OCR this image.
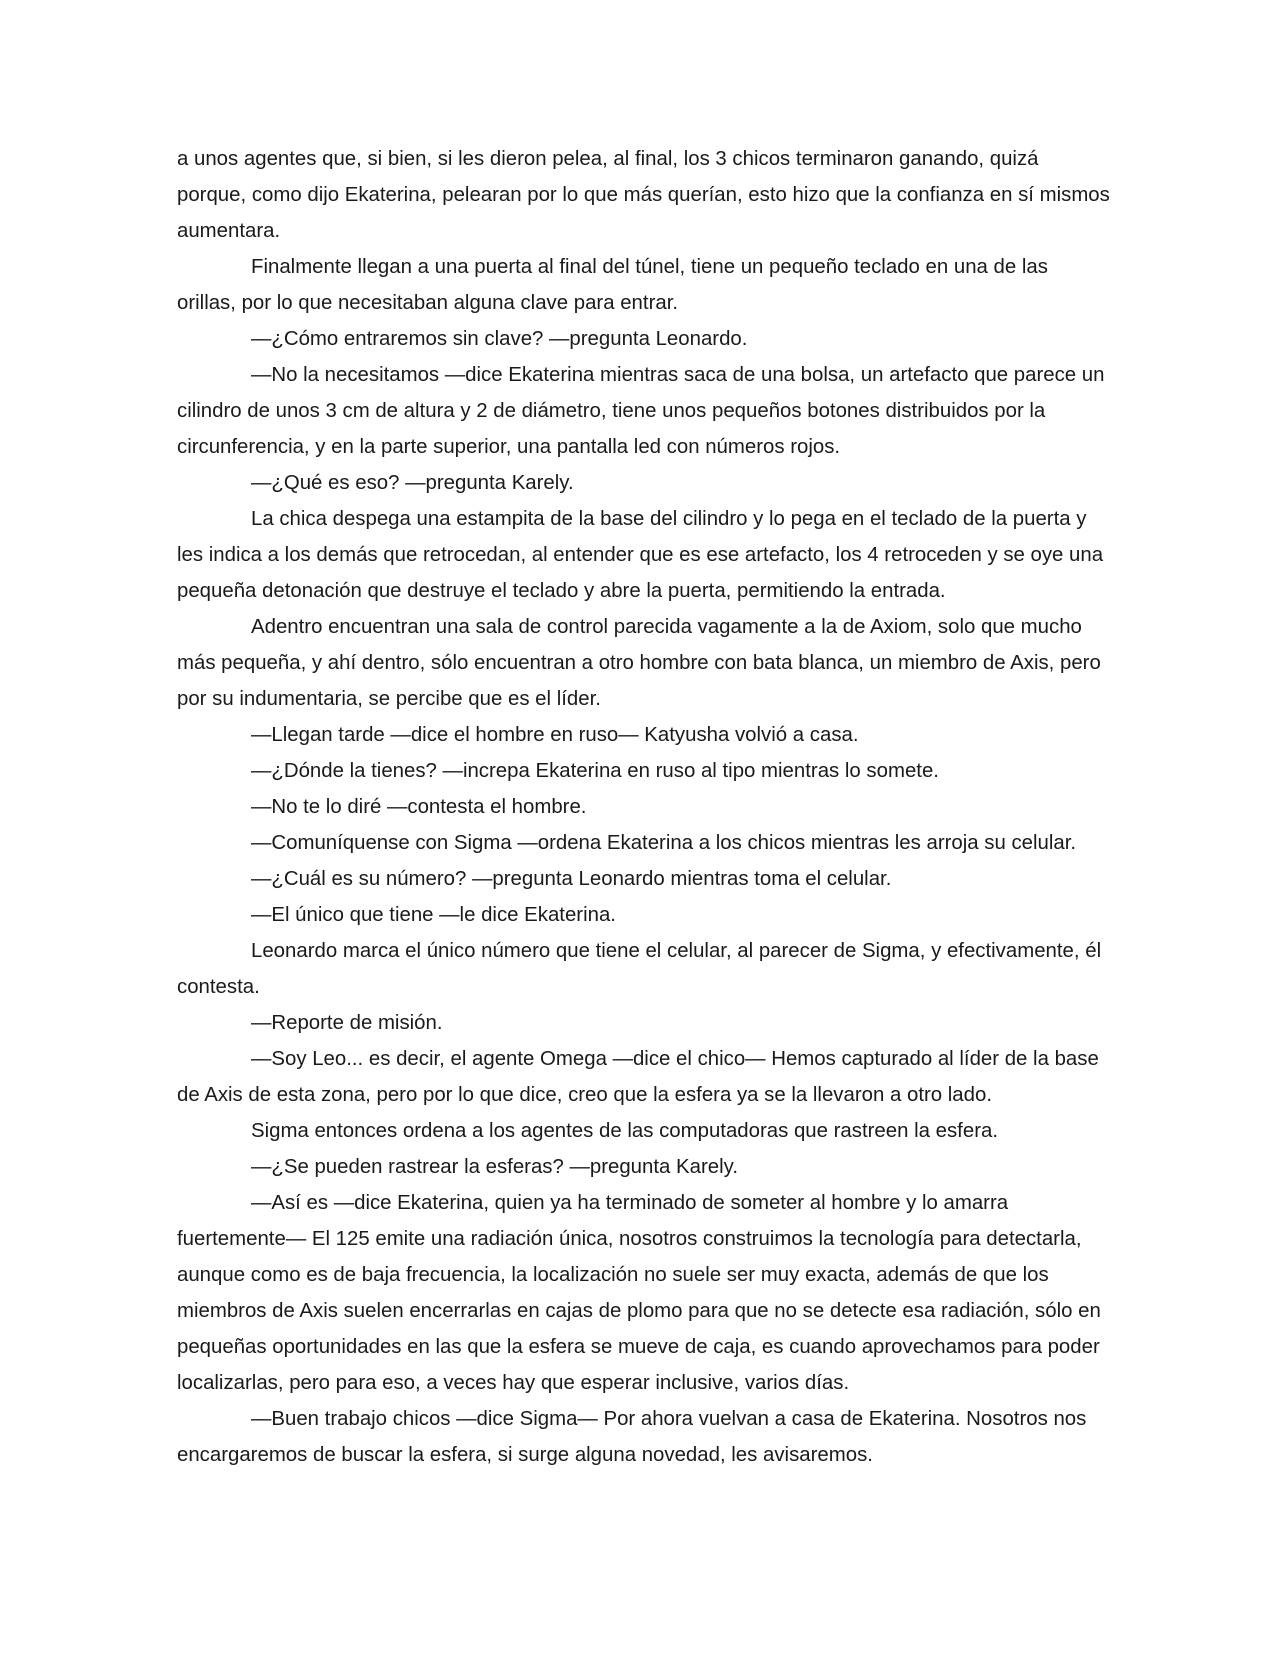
a unos agentes que, si bien, si les dieron pelea, al final, los 3 chicos terminaron ganando, quizá porque, como dijo Ekaterina, pelearan por lo que más querían, esto hizo que la confianza en sí mismos aumentara.

Finalmente llegan a una puerta al final del túnel, tiene un pequeño teclado en una de las orillas, por lo que necesitaban alguna clave para entrar.

—¿Cómo entraremos sin clave? —pregunta Leonardo.

—No la necesitamos —dice Ekaterina mientras saca de una bolsa, un artefacto que parece un cilindro de unos 3 cm de altura y 2 de diámetro, tiene unos pequeños botones distribuidos por la circunferencia, y en la parte superior, una pantalla led con números rojos.

—¿Qué es eso? —pregunta Karely.

La chica despega una estampita de la base del cilindro y lo pega en el teclado de la puerta y les indica a los demás que retrocedan, al entender que es ese artefacto, los 4 retroceden y se oye una pequeña detonación que destruye el teclado y abre la puerta, permitiendo la entrada.

Adentro encuentran una sala de control parecida vagamente a la de Axiom, solo que mucho más pequeña, y ahí dentro, sólo encuentran a otro hombre con bata blanca, un miembro de Axis, pero por su indumentaria, se percibe que es el líder.

—Llegan tarde —dice el hombre en ruso— Katyusha volvió a casa.

—¿Dónde la tienes? —increpa Ekaterina en ruso al tipo mientras lo somete.

—No te lo diré —contesta el hombre.

—Comuníquense con Sigma —ordena Ekaterina a los chicos mientras les arroja su celular.

—¿Cuál es su número? —pregunta Leonardo mientras toma el celular.

—El único que tiene —le dice Ekaterina.

Leonardo marca el único número que tiene el celular, al parecer de Sigma, y efectivamente, él contesta.

—Reporte de misión.

—Soy Leo... es decir, el agente Omega —dice el chico— Hemos capturado al líder de la base de Axis de esta zona, pero por lo que dice, creo que la esfera ya se la llevaron a otro lado.

Sigma entonces ordena a los agentes de las computadoras que rastreen la esfera.

—¿Se pueden rastrear la esferas? —pregunta Karely.

—Así es —dice Ekaterina, quien ya ha terminado de someter al hombre y lo amarra fuertemente— El 125 emite una radiación única, nosotros construimos la tecnología para detectarla, aunque como es de baja frecuencia, la localización no suele ser muy exacta, además de que los miembros de Axis suelen encerrarlas en cajas de plomo para que no se detecte esa radiación, sólo en pequeñas oportunidades en las que la esfera se mueve de caja, es cuando aprovechamos para poder localizarlas, pero para eso, a veces hay que esperar inclusive, varios días.

—Buen trabajo chicos —dice Sigma— Por ahora vuelvan a casa de Ekaterina. Nosotros nos encargaremos de buscar la esfera, si surge alguna novedad, les avisaremos.
